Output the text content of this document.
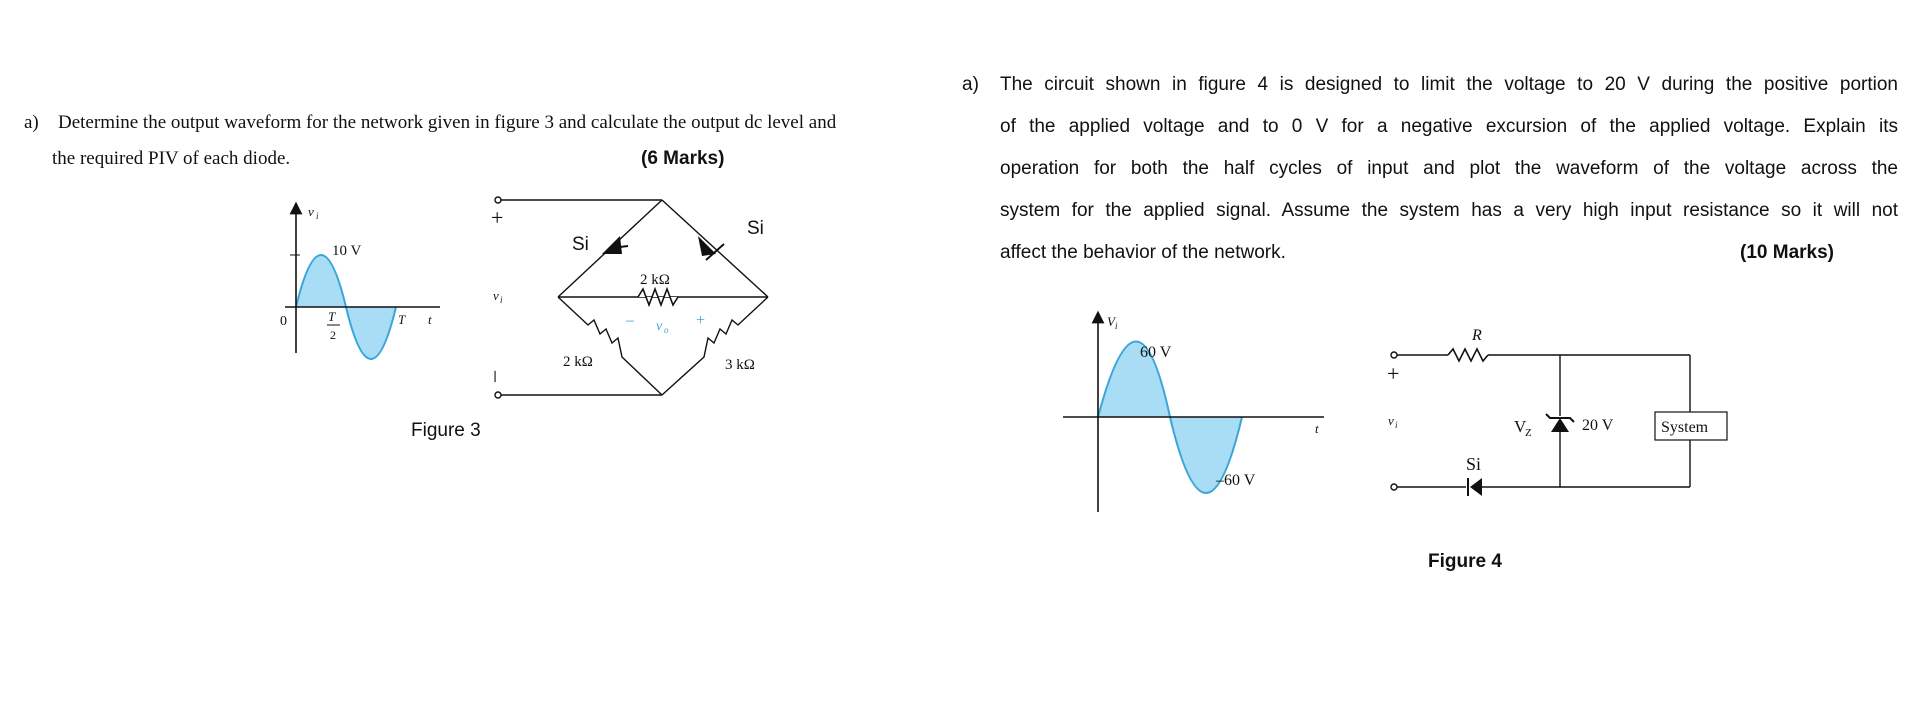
a) Determine the output waveform for the network given in figure 3 and calculate the output dc level and
the required PIV of each diode.	(6 Marks)
a) The circuit shown in figure 4 is designed to limit the voltage to 20 V during the positive portion
of the applied voltage and to 0 V for a negative excursion of the applied voltage. Explain its
operation for both the half cycles of input and plot the waveform of the voltage across the
system for the applied signal. Assume the system has a very high input resistance so it will not
affect the behavior of the network.	(10 Marks)
Figure 3
Figure 4
v i
10 V
0	T
2
T t
+
v i
–
Si
Si
2 kΩ
2 kΩ	3 kΩ
– v o
+	V i
60 V
–60 V
t
+
v i
R
Si
V
Z	20 V	System
